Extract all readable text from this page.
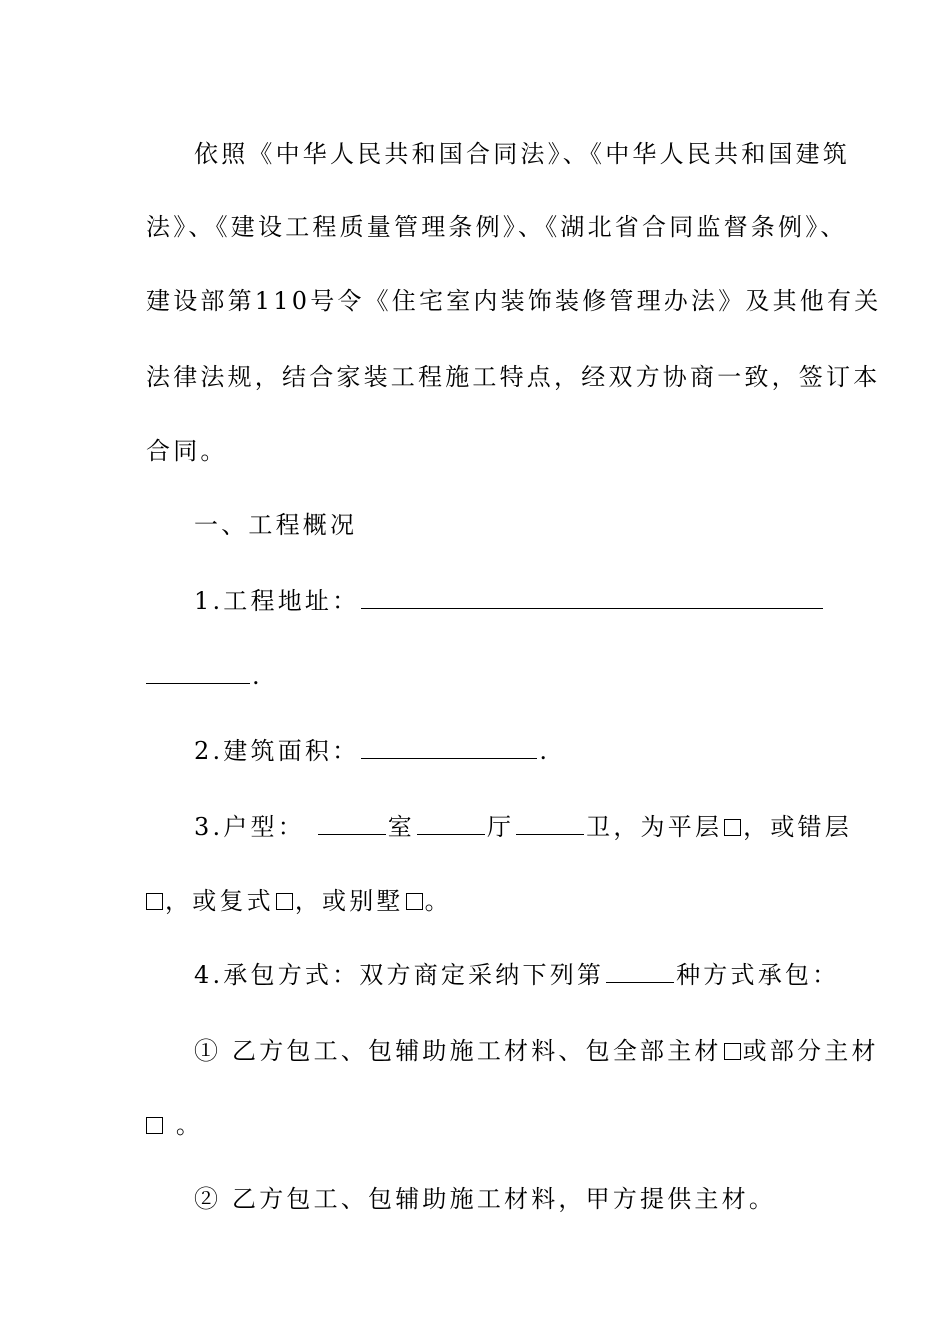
依照《中华人民共和国合同法》、《中华人民共和国建筑
法》、《建设工程质量管理条例》、《湖北省合同监督条例》、
建设部第110号令《住宅室内装饰装修管理办法》及其他有关
法律法规，结合家装工程施工特点，经双方协商一致，签订本
合同。
一、工程概况
1.工程地址：
.
2.建筑面积：	.
3.户型：	室	厅	卫，为平层 ，或错层
，或复式 ，或别墅 。
4.承包方式：双方商定采纳下列第	种方式承包：
① 乙方包工、包辅助施工材料、包全部主材 或部分主材
。
② 乙方包工、包辅助施工材料，甲方提供主材。
